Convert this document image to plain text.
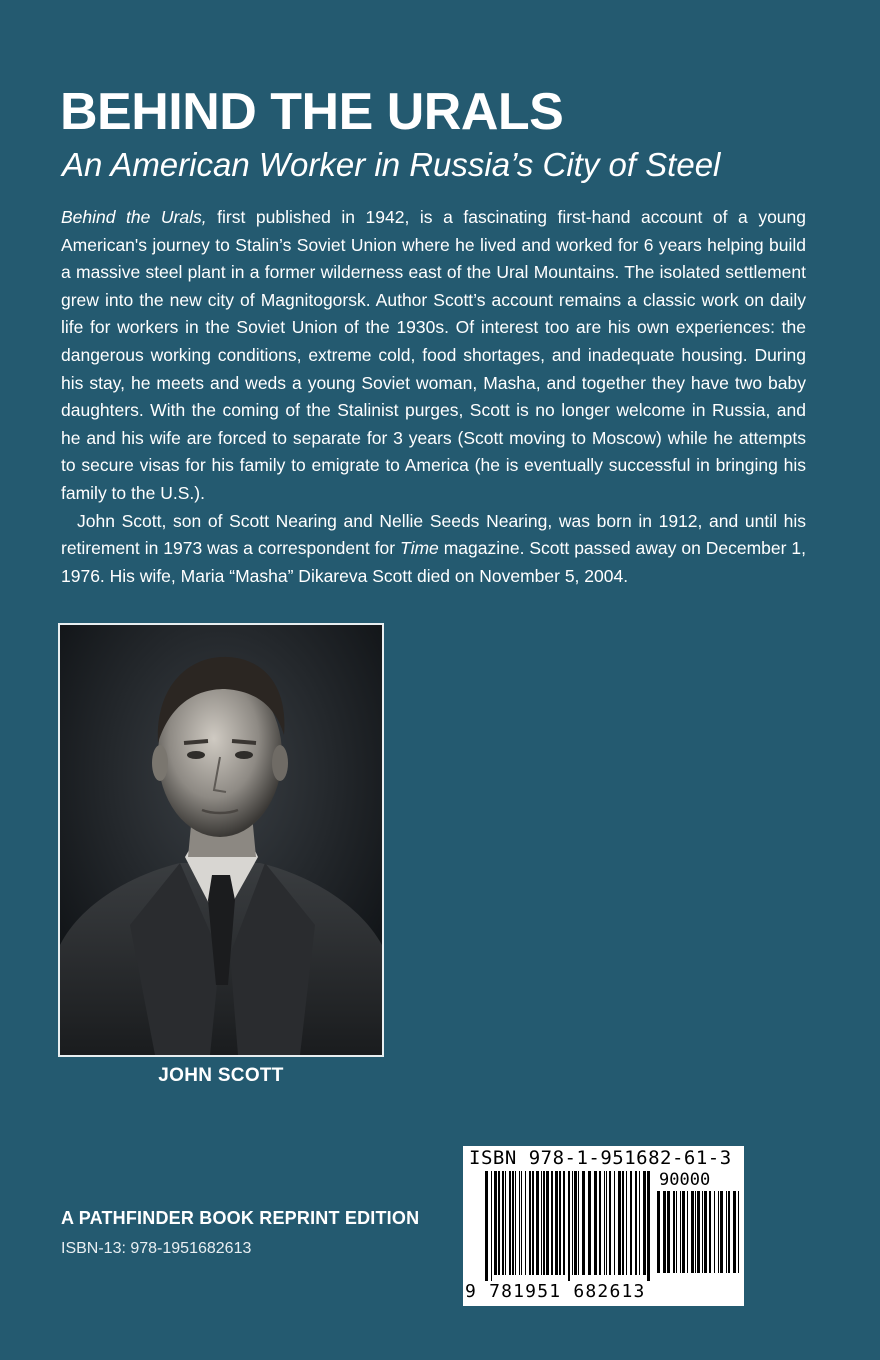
BEHIND THE URALS
An American Worker in Russia’s City of Steel

Behind the Urals, first published in 1942, is a fascinating first-hand account of a young American's journey to Stalin’s Soviet Union where he lived and worked for 6 years helping build a massive steel plant in a former wilderness east of the Ural Mountains. The isolated settlement grew into the new city of Magnitogorsk. Author Scott’s account remains a classic work on daily life for workers in the Soviet Union of the 1930s. Of interest too are his own experiences: the dangerous working conditions, extreme cold, food shortages, and inadequate housing. During his stay, he meets and weds a young Soviet woman, Masha, and together they have two baby daughters. With the coming of the Stalinist purges, Scott is no longer welcome in Russia, and he and his wife are forced to separate for 3 years (Scott moving to Moscow) while he attempts to secure visas for his family to emigrate to America (he is eventually successful in bringing his family to the U.S.).

John Scott, son of Scott Nearing and Nellie Seeds Nearing, was born in 1912, and until his retirement in 1973 was a correspondent for Time magazine. Scott passed away on December 1, 1976. His wife, Maria “Masha” Dikareva Scott died on November 5, 2004.

JOHN SCOTT
A PATHFINDER BOOK REPRINT EDITION
ISBN-13: 978-1951682613
ISBN 978-1-951682-61-3
90000
9 781951 682613
